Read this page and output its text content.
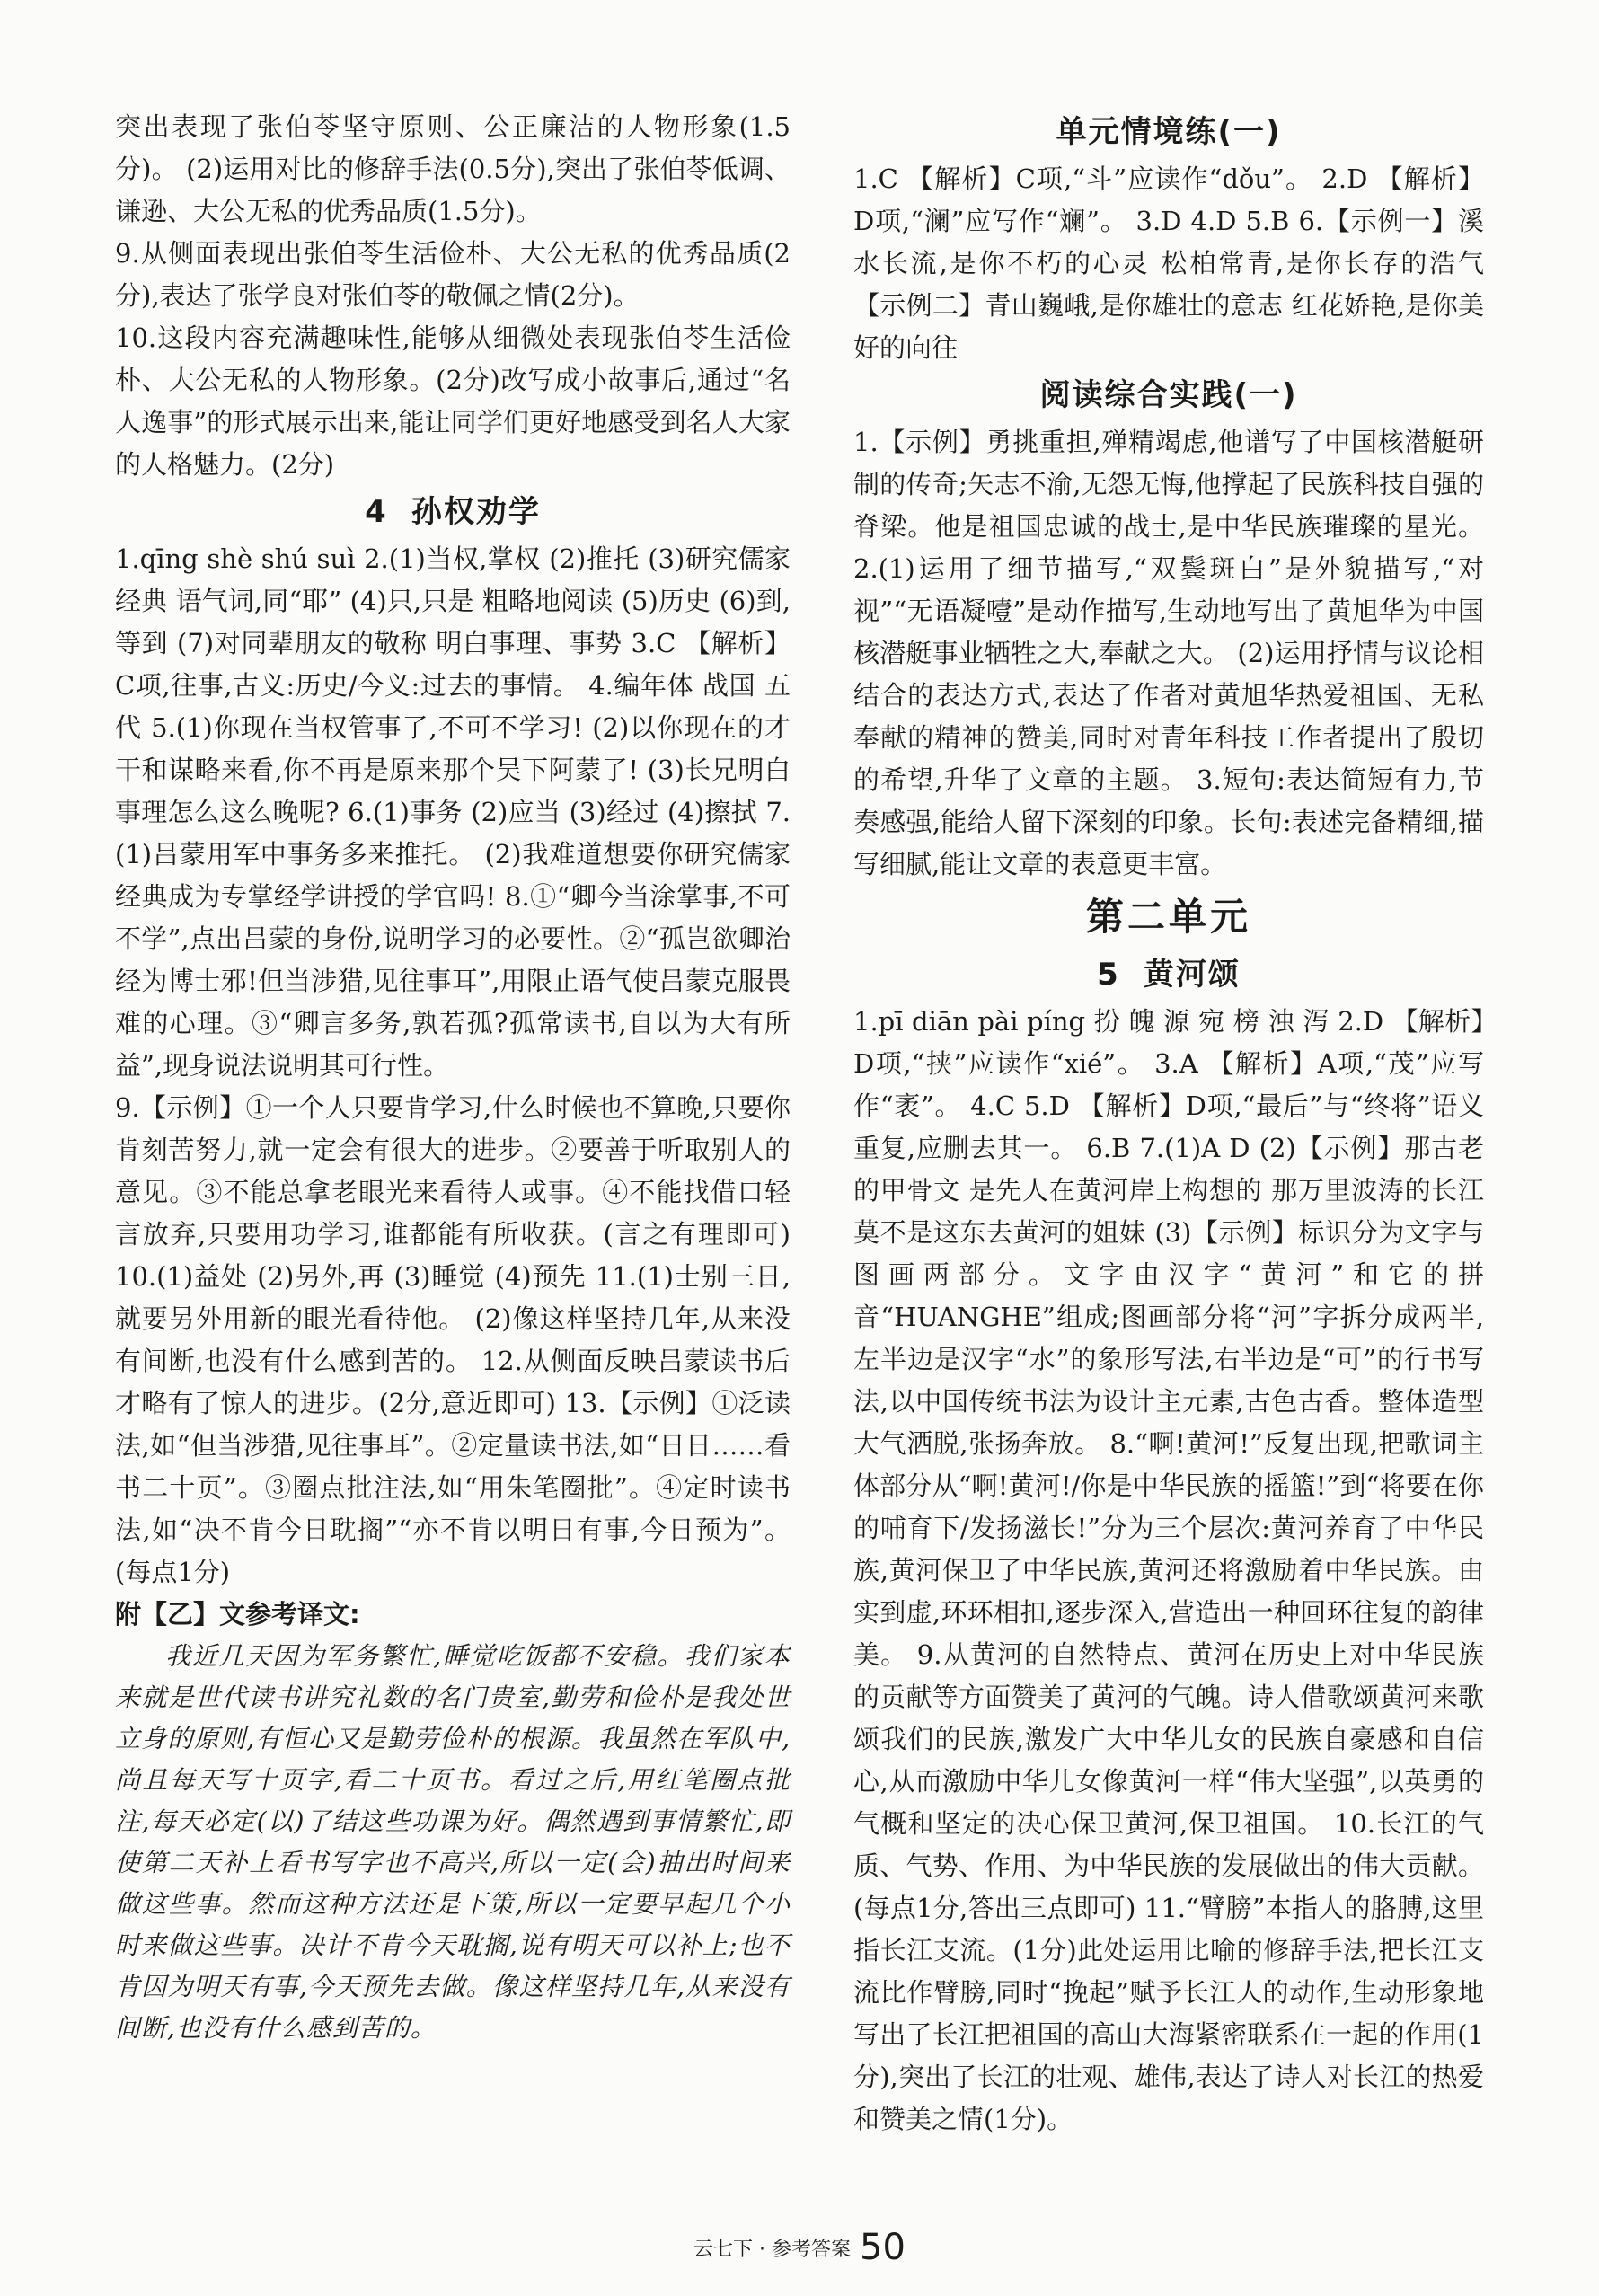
突出表现了张伯苓坚守原则、公正廉洁的人物形象(1.5分)。 (2)运用对比的修辞手法(0.5分),突出了张伯苓低调、谦逊、大公无私的优秀品质(1.5分)。

9.从侧面表现出张伯苓生活俭朴、大公无私的优秀品质(2分),表达了张学良对张伯苓的敬佩之情(2分)。

10.这段内容充满趣味性,能够从细微处表现张伯苓生活俭朴、大公无私的人物形象。(2分)改写成小故事后,通过“名人逸事”的形式展示出来,能让同学们更好地感受到名人大家的人格魅力。(2分)

4 孙权劝学

1.qīng shè shú suì 2.(1)当权,掌权 (2)推托 (3)研究儒家经典 语气词,同“耶” (4)只,只是 粗略地阅读 (5)历史 (6)到,等到 (7)对同辈朋友的敬称 明白事理、事势 3.C 【解析】C项,往事,古义:历史/今义:过去的事情。 4.编年体 战国 五代 5.(1)你现在当权管事了,不可不学习! (2)以你现在的才干和谋略来看,你不再是原来那个吴下阿蒙了! (3)长兄明白事理怎么这么晚呢? 6.(1)事务 (2)应当 (3)经过 (4)擦拭 7.(1)吕蒙用军中事务多来推托。 (2)我难道想要你研究儒家经典成为专掌经学讲授的学官吗! 8.①“卿今当涂掌事,不可不学”,点出吕蒙的身份,说明学习的必要性。②“孤岂欲卿治经为博士邪!但当涉猎,见往事耳”,用限止语气使吕蒙克服畏难的心理。③“卿言多务,孰若孤?孤常读书,自以为大有所益”,现身说法说明其可行性。

9.【示例】①一个人只要肯学习,什么时候也不算晚,只要你肯刻苦努力,就一定会有很大的进步。②要善于听取别人的意见。③不能总拿老眼光来看待人或事。④不能找借口轻言放弃,只要用功学习,谁都能有所收获。(言之有理即可) 10.(1)益处 (2)另外,再 (3)睡觉 (4)预先 11.(1)士别三日,就要另外用新的眼光看待他。 (2)像这样坚持几年,从来没有间断,也没有什么感到苦的。 12.从侧面反映吕蒙读书后才略有了惊人的进步。(2分,意近即可) 13.【示例】①泛读法,如“但当涉猎,见往事耳”。②定量读书法,如“日日……看书二十页”。③圈点批注法,如“用朱笔圈批”。④定时读书法,如“决不肯今日耽搁”“亦不肯以明日有事,今日预为”。(每点1分)

附【乙】文参考译文:

我近几天因为军务繁忙,睡觉吃饭都不安稳。我们家本来就是世代读书讲究礼数的名门贵室,勤劳和俭朴是我处世立身的原则,有恒心又是勤劳俭朴的根源。我虽然在军队中,尚且每天写十页字,看二十页书。看过之后,用红笔圈点批注,每天必定(以)了结这些功课为好。偶然遇到事情繁忙,即使第二天补上看书写字也不高兴,所以一定(会)抽出时间来做这些事。然而这种方法还是下策,所以一定要早起几个小时来做这些事。决计不肯今天耽搁,说有明天可以补上;也不肯因为明天有事,今天预先去做。像这样坚持几年,从来没有间断,也没有什么感到苦的。

单元情境练(一)

1.C 【解析】C项,“斗”应读作“dǒu”。 2.D 【解析】D项,“澜”应写作“斓”。 3.D 4.D 5.B 6.【示例一】溪水长流,是你不朽的心灵 松柏常青,是你长存的浩气 【示例二】青山巍峨,是你雄壮的意志 红花娇艳,是你美好的向往

阅读综合实践(一)

1.【示例】勇挑重担,殚精竭虑,他谱写了中国核潜艇研制的传奇;矢志不渝,无怨无悔,他撑起了民族科技自强的脊梁。他是祖国忠诚的战士,是中华民族璀璨的星光。 2.(1)运用了细节描写,“双鬓斑白”是外貌描写,“对视”“无语凝噎”是动作描写,生动地写出了黄旭华为中国核潜艇事业牺牲之大,奉献之大。 (2)运用抒情与议论相结合的表达方式,表达了作者对黄旭华热爱祖国、无私奉献的精神的赞美,同时对青年科技工作者提出了殷切的希望,升华了文章的主题。 3.短句:表达简短有力,节奏感强,能给人留下深刻的印象。长句:表述完备精细,描写细腻,能让文章的表意更丰富。

第二单元
5 黄河颂

1.pī diān pài píng 扮 魄 源 宛 榜 浊 泻 2.D 【解析】D项,“挟”应读作“xié”。 3.A 【解析】A项,“茂”应写作“袤”。 4.C 5.D 【解析】D项,“最后”与“终将”语义重复,应删去其一。 6.B 7.(1)A D (2)【示例】那古老的甲骨文 是先人在黄河岸上构想的 那万里波涛的长江 莫不是这东去黄河的姐妹 (3)【示例】标识分为文字与图画两部分。文字由汉字“黄河”和它的拼音“HUANGHE”组成;图画部分将“河”字拆分成两半,左半边是汉字“水”的象形写法,右半边是“可”的行书写法,以中国传统书法为设计主元素,古色古香。整体造型大气洒脱,张扬奔放。 8.“啊!黄河!”反复出现,把歌词主体部分从“啊!黄河!/你是中华民族的摇篮!”到“将要在你的哺育下/发扬滋长!”分为三个层次:黄河养育了中华民族,黄河保卫了中华民族,黄河还将激励着中华民族。由实到虚,环环相扣,逐步深入,营造出一种回环往复的韵律美。 9.从黄河的自然特点、黄河在历史上对中华民族的贡献等方面赞美了黄河的气魄。诗人借歌颂黄河来歌颂我们的民族,激发广大中华儿女的民族自豪感和自信心,从而激励中华儿女像黄河一样“伟大坚强”,以英勇的气概和坚定的决心保卫黄河,保卫祖国。 10.长江的气质、气势、作用、为中华民族的发展做出的伟大贡献。(每点1分,答出三点即可) 11.“臂膀”本指人的胳膊,这里指长江支流。(1分)此处运用比喻的修辞手法,把长江支流比作臂膀,同时“挽起”赋予长江人的动作,生动形象地写出了长江把祖国的高山大海紧密联系在一起的作用(1分),突出了长江的壮观、雄伟,表达了诗人对长江的热爱和赞美之情(1分)。

云七下 · 参考答案 50
